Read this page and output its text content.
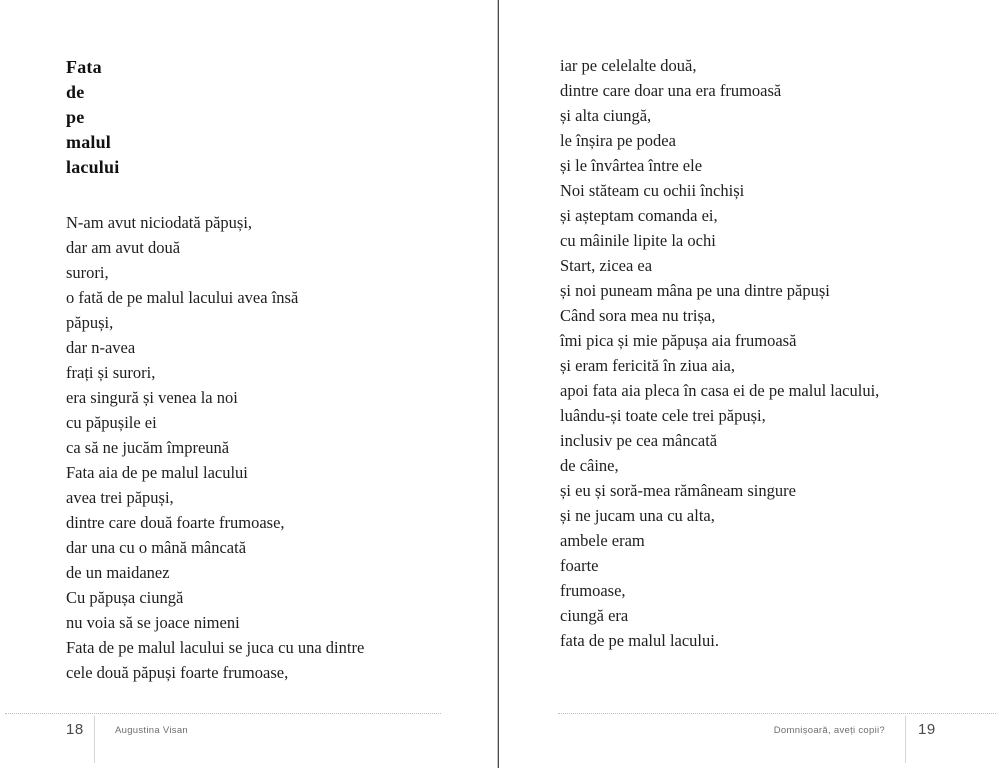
Fata
de
pe
malul
lacului
N-am avut niciodată păpuși,
dar am avut două
surori,
o fată de pe malul lacului avea însă
păpuși,
dar n-avea
frați și surori,
era singură și venea la noi
cu păpușile ei
ca să ne jucăm împreună
Fata aia de pe malul lacului
avea trei păpuși,
dintre care două foarte frumoase,
dar una cu o mână mâncată
de un maidanez
Cu păpușa ciungă
nu voia să se joace nimeni
Fata de pe malul lacului se juca cu una dintre
cele două păpuși foarte frumoase,
18	Augustina Visan
iar pe celelalte două,
dintre care doar una era frumoasă
și alta ciungă,
le înșira pe podea
și le învârtea între ele
Noi stăteam cu ochii închiși
și așteptam comanda ei,
cu mâinile lipite la ochi
Start, zicea ea
și noi puneam mâna pe una dintre păpuși
Când sora mea nu trișa,
îmi pica și mie păpușa aia frumoasă
și eram fericită în ziua aia,
apoi fata aia pleca în casa ei de pe malul lacului,
luându-și toate cele trei păpuși,
inclusiv pe cea mâncată
de câine,
și eu și soră-mea rămâneam singure
și ne jucam una cu alta,
ambele eram
foarte
frumoase,
ciungă era
fata de pe malul lacului.
Domnișoară, aveți copii? 19
